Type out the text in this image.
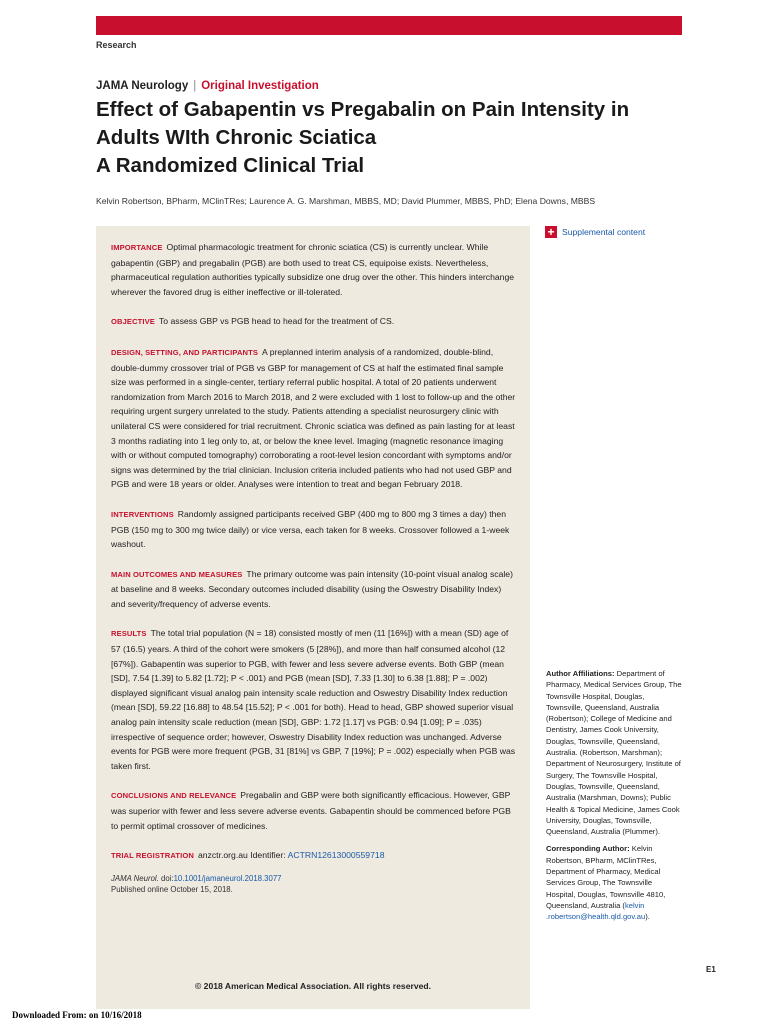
Research
JAMA Neurology | Original Investigation
Effect of Gabapentin vs Pregabalin on Pain Intensity in Adults WIth Chronic Sciatica
A Randomized Clinical Trial
Kelvin Robertson, BPharm, MClinTRes; Laurence A. G. Marshman, MBBS, MD; David Plummer, MBBS, PhD; Elena Downs, MBBS

IMPORTANCE Optimal pharmacologic treatment for chronic sciatica (CS) is currently unclear. While gabapentin (GBP) and pregabalin (PGB) are both used to treat CS, equipoise exists. Nevertheless, pharmaceutical regulation authorities typically subsidize one drug over the other. This hinders interchange wherever the favored drug is either ineffective or ill-tolerated.

OBJECTIVE To assess GBP vs PGB head to head for the treatment of CS.

DESIGN, SETTING, AND PARTICIPANTS A preplanned interim analysis of a randomized, double-blind, double-dummy crossover trial of PGB vs GBP for management of CS at half the estimated final sample size was performed in a single-center, tertiary referral public hospital. A total of 20 patients underwent randomization from March 2016 to March 2018, and 2 were excluded with 1 lost to follow-up and the other requiring urgent surgery unrelated to the study. Patients attending a specialist neurosurgery clinic with unilateral CS were considered for trial recruitment. Chronic sciatica was defined as pain lasting for at least 3 months radiating into 1 leg only to, at, or below the knee level. Imaging (magnetic resonance imaging with or without computed tomography) corroborating a root-level lesion concordant with symptoms and/or signs was determined by the trial clinician. Inclusion criteria included patients who had not used GBP and PGB and were 18 years or older. Analyses were intention to treat and began February 2018.

INTERVENTIONS Randomly assigned participants received GBP (400 mg to 800 mg 3 times a day) then PGB (150 mg to 300 mg twice daily) or vice versa, each taken for 8 weeks. Crossover followed a 1-week washout.

MAIN OUTCOMES AND MEASURES The primary outcome was pain intensity (10-point visual analog scale) at baseline and 8 weeks. Secondary outcomes included disability (using the Oswestry Disability Index) and severity/frequency of adverse events.

RESULTS The total trial population (N = 18) consisted mostly of men (11 [16%]) with a mean (SD) age of 57 (16.5) years. A third of the cohort were smokers (5 [28%]), and more than half consumed alcohol (12 [67%]). Gabapentin was superior to PGB, with fewer and less severe adverse events. Both GBP (mean [SD], 7.54 [1.39] to 5.82 [1.72]; P < .001) and PGB (mean [SD], 7.33 [1.30] to 6.38 [1.88]; P = .002) displayed significant visual analog pain intensity scale reduction and Oswestry Disability Index reduction (mean [SD], 59.22 [16.88] to 48.54 [15.52]; P < .001 for both). Head to head, GBP showed superior visual analog pain intensity scale reduction (mean [SD], GBP: 1.72 [1.17] vs PGB: 0.94 [1.09]; P = .035) irrespective of sequence order; however, Oswestry Disability Index reduction was unchanged. Adverse events for PGB were more frequent (PGB, 31 [81%] vs GBP, 7 [19%]; P = .002) especially when PGB was taken first.

CONCLUSIONS AND RELEVANCE Pregabalin and GBP were both significantly efficacious. However, GBP was superior with fewer and less severe adverse events. Gabapentin should be commenced before PGB to permit optimal crossover of medicines.

TRIAL REGISTRATION anzctr.org.au Identifier: ACTRN12613000559718

JAMA Neurol. doi:10.1001/jamaneurol.2018.3077
Published online October 15, 2018.
© 2018 American Medical Association. All rights reserved.
+ Supplemental content

Author Affiliations: Department of Pharmacy, Medical Services Group, The Townsville Hospital, Douglas, Townsville, Queensland, Australia (Robertson); College of Medicine and Dentistry, James Cook University, Douglas, Townsville, Queensland, Australia. (Robertson, Marshman); Department of Neurosurgery, Institute of Surgery, The Townsville Hospital, Douglas, Townsville, Queensland, Australia (Marshman, Downs); Public Health & Topical Medicine, James Cook University, Douglas, Townsville, Queensland, Australia (Plummer).

Corresponding Author: Kelvin Robertson, BPharm, MClinTRes, Department of Pharmacy, Medical Services Group, The Townsville Hospital, Douglas, Townsville 4810, Queensland, Australia (kelvin .robertson@health.qld.gov.au).

E1
Downloaded From: on 10/16/2018
